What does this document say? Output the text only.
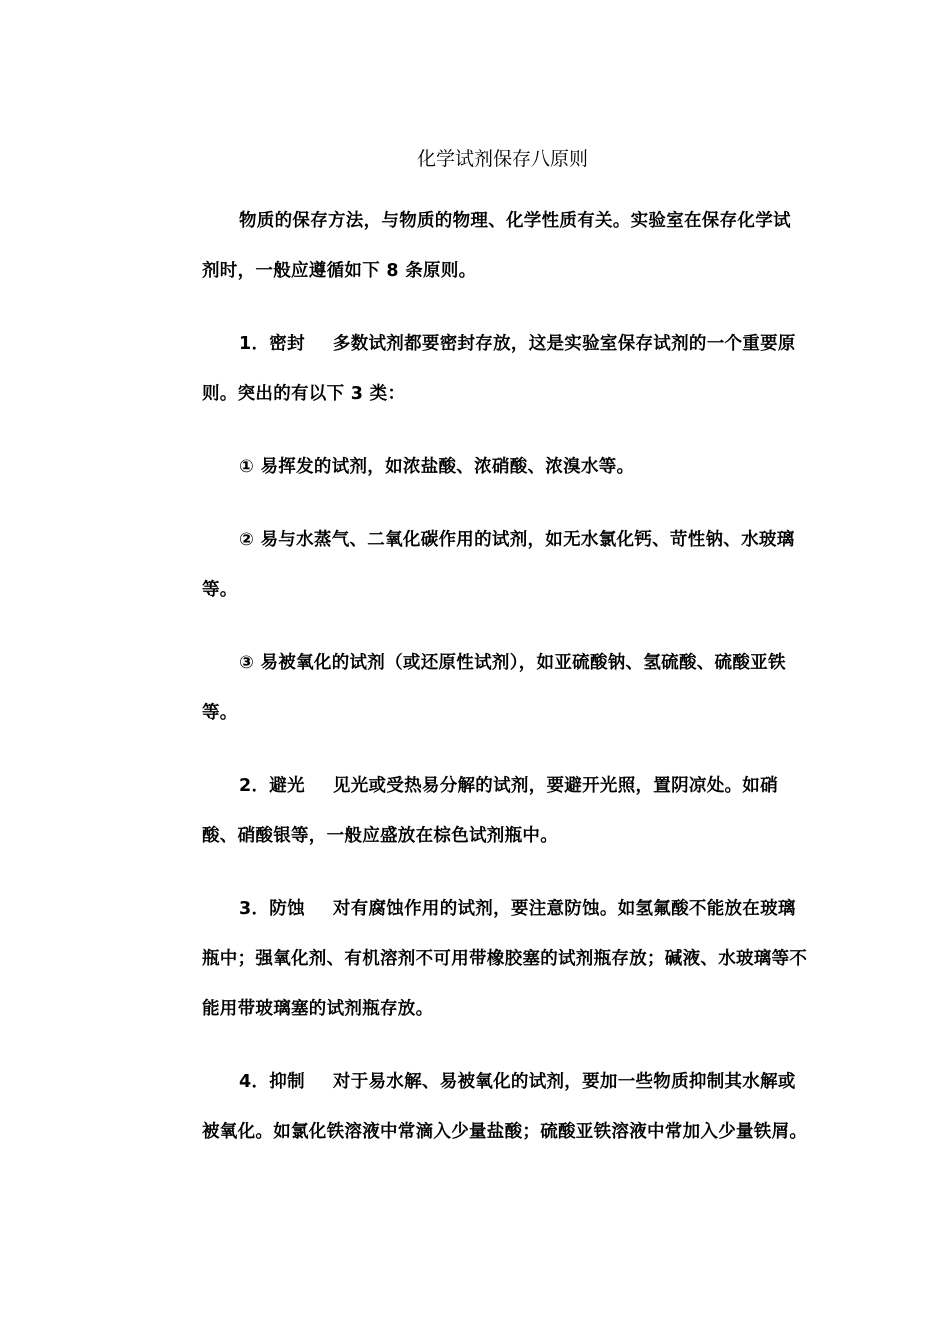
化学试剂保存八原则

物质的保存方法，与物质的物理、化学性质有关。实验室在保存化学试剂时，一般应遵循如下 8 条原则。

1．密封 多数试剂都要密封存放，这是实验室保存试剂的一个重要原则。突出的有以下 3 类：

① 易挥发的试剂，如浓盐酸、浓硝酸、浓溴水等。

② 易与水蒸气、二氧化碳作用的试剂，如无水氯化钙、苛性钠、水玻璃等。

③ 易被氧化的试剂（或还原性试剂），如亚硫酸钠、氢硫酸、硫酸亚铁等。

2．避光 见光或受热易分解的试剂，要避开光照，置阴凉处。如硝酸、硝酸银等，一般应盛放在棕色试剂瓶中。

3．防蚀 对有腐蚀作用的试剂，要注意防蚀。如氢氟酸不能放在玻璃瓶中；强氧化剂、有机溶剂不可用带橡胶塞的试剂瓶存放；碱液、水玻璃等不能用带玻璃塞的试剂瓶存放。

4．抑制 对于易水解、易被氧化的试剂，要加一些物质抑制其水解或被氧化。如氯化铁溶液中常滴入少量盐酸；硫酸亚铁溶液中常加入少量铁屑。
